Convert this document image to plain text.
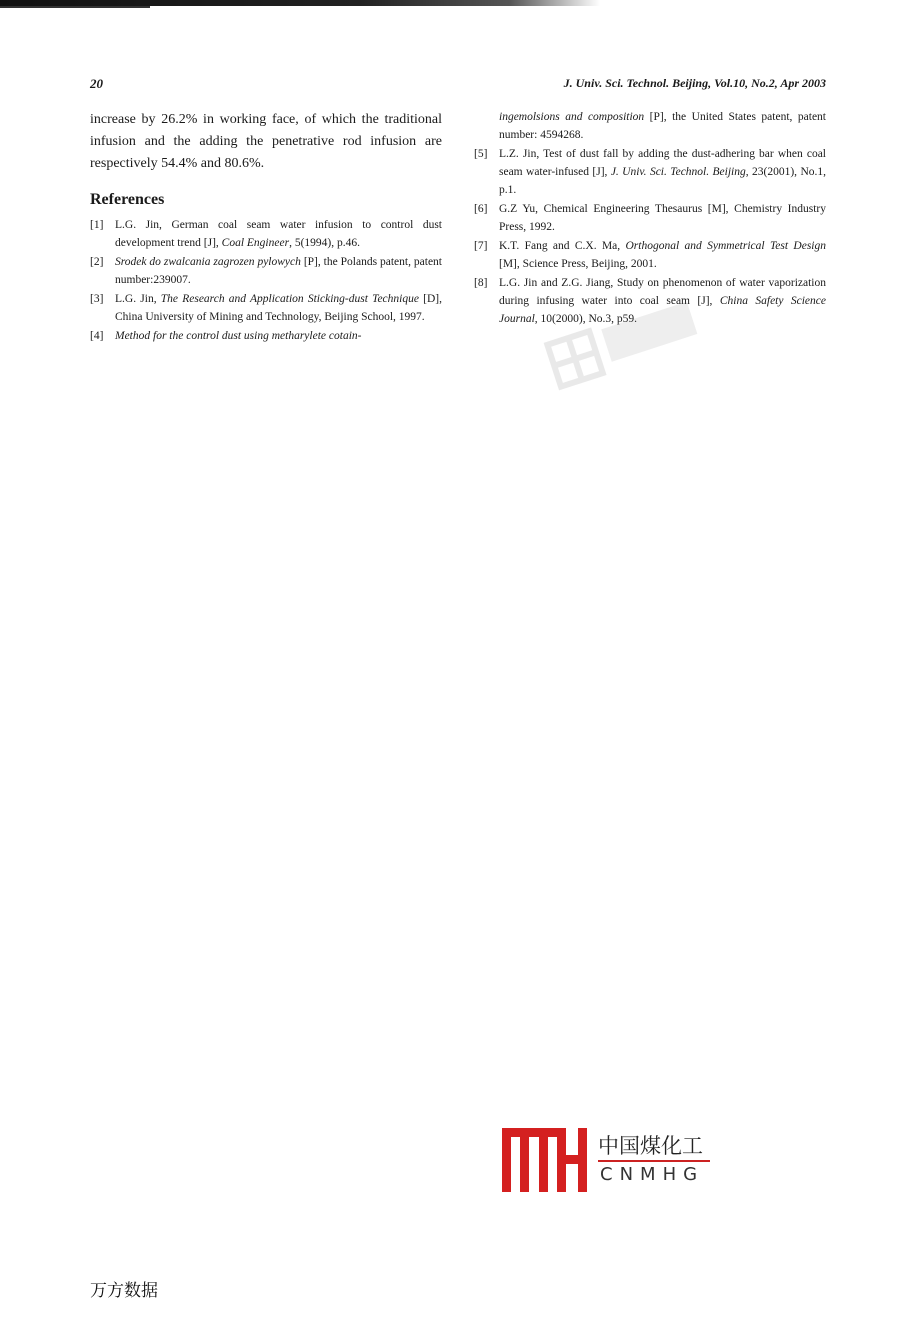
20	J. Univ. Sci. Technol. Beijing, Vol.10, No.2, Apr 2003

increase by 26.2% in working face, of which the traditional infusion and the adding the penetrative rod infusion are respectively 54.4% and 80.6%.

References
[1]	L.G. Jin, German coal seam water infusion to control dust development trend [J], Coal Engineer, 5(1994), p.46.
[2]	Srodek do zwalcania zagrozen pylowych [P], the Polands patent, patent number:239007.
[3]	L.G. Jin, The Research and Application Sticking-dust Technique [D], China University of Mining and Technology, Beijing School, 1997.
[4]	Method for the control dust using metharylete cotain-
ingemolsions and composition [P], the United States patent, patent number: 4594268.
[5]	L.Z. Jin, Test of dust fall by adding the dust-adhering bar when coal seam water-infused [J], J. Univ. Sci. Technol. Beijing, 23(2001), No.1, p.1.
[6]	G.Z Yu, Chemical Engineering Thesaurus [M], Chemistry Industry Press, 1992.
[7]	K.T. Fang and C.X. Ma, Orthogonal and Symmetrical Test Design [M], Science Press, Beijing, 2001.
[8]	L.G. Jin and Z.G. Jiang, Study on phenomenon of water vaporization during infusing water into coal seam [J], China Safety Science Journal, 10(2000), No.3, p59.
中国煤化工
CNMHG
万方数据
